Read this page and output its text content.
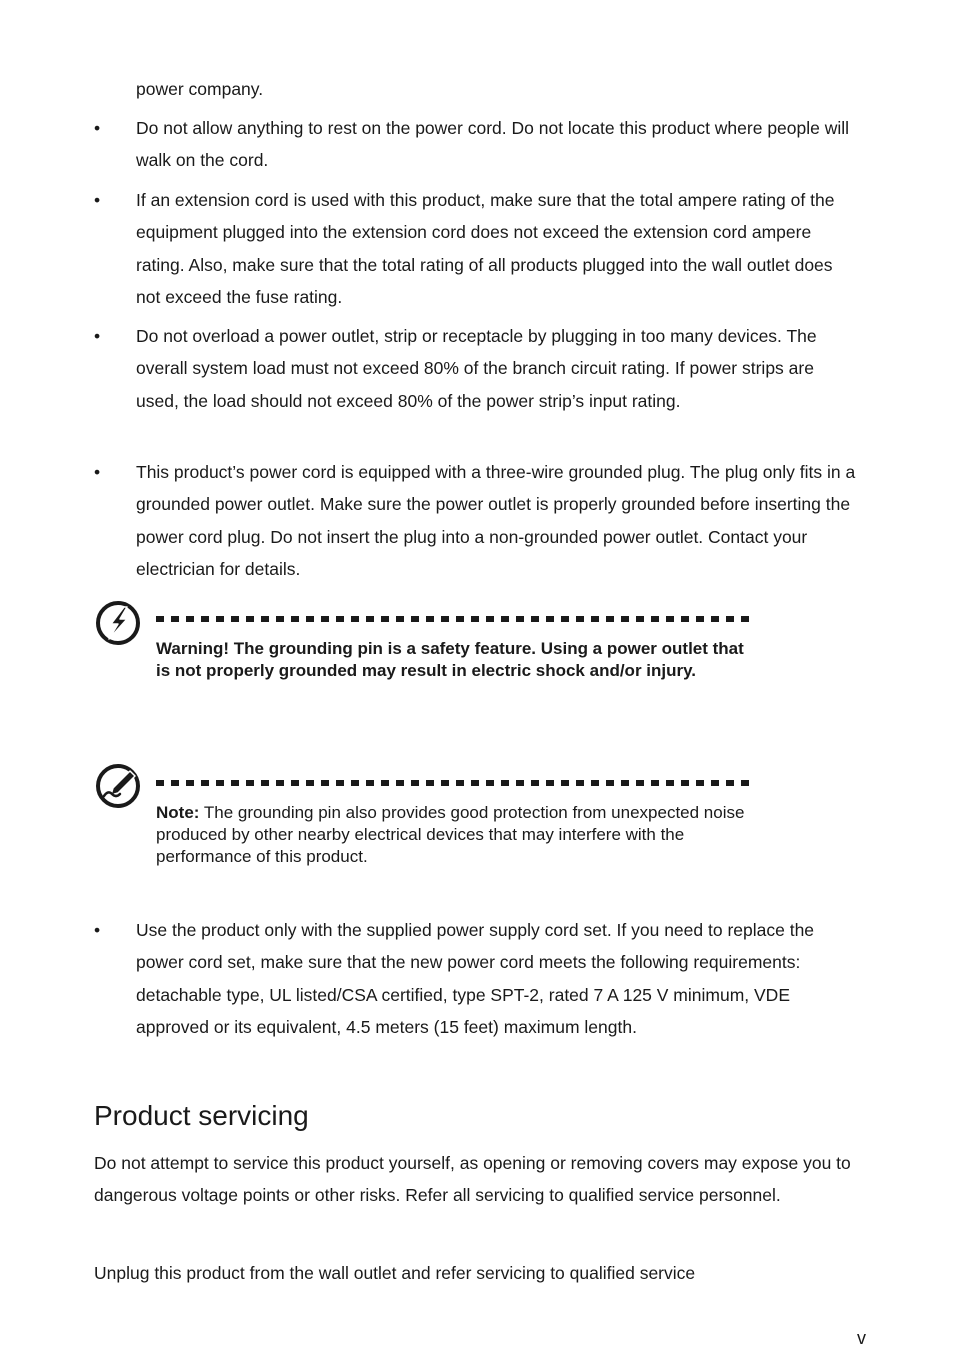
power company.
•	Do not allow anything to rest on the power cord. Do not locate this product where people will walk on the cord.
•	If an extension cord is used with this product, make sure that the total ampere rating of the equipment plugged into the extension cord does not exceed the extension cord ampere rating. Also, make sure that the total rating of all products plugged into the wall outlet does not exceed the fuse rating.
•	Do not overload a power outlet, strip or receptacle by plugging in too many devices. The overall system load must not exceed 80% of the branch circuit rating. If power strips are used, the load should not exceed 80% of the power strip’s input rating.
•	This product’s power cord is equipped with a three-wire grounded plug. The plug only fits in a grounded power outlet. Make sure the power outlet is properly grounded before inserting the power cord plug. Do not insert the plug into a non-grounded power outlet. Contact your electrician for details.
Warning! The grounding pin is a safety feature. Using a power outlet that is not properly grounded may result in electric shock and/or injury.
Note: The grounding pin also provides good protection from unexpected noise produced by other nearby electrical devices that may interfere with the performance of this product.
•	Use the product only with the supplied power supply cord set. If you need to replace the power cord set, make sure that the new power cord meets the following requirements: detachable type, UL listed/CSA certified, type SPT-2, rated 7 A 125 V minimum, VDE approved or its equivalent, 4.5 meters (15 feet) maximum length.
Product servicing
Do not attempt to service this product yourself, as opening or removing covers may expose you to dangerous voltage points or other risks. Refer all servicing to qualified service personnel.
Unplug this product from the wall outlet and refer servicing to qualified service
v
